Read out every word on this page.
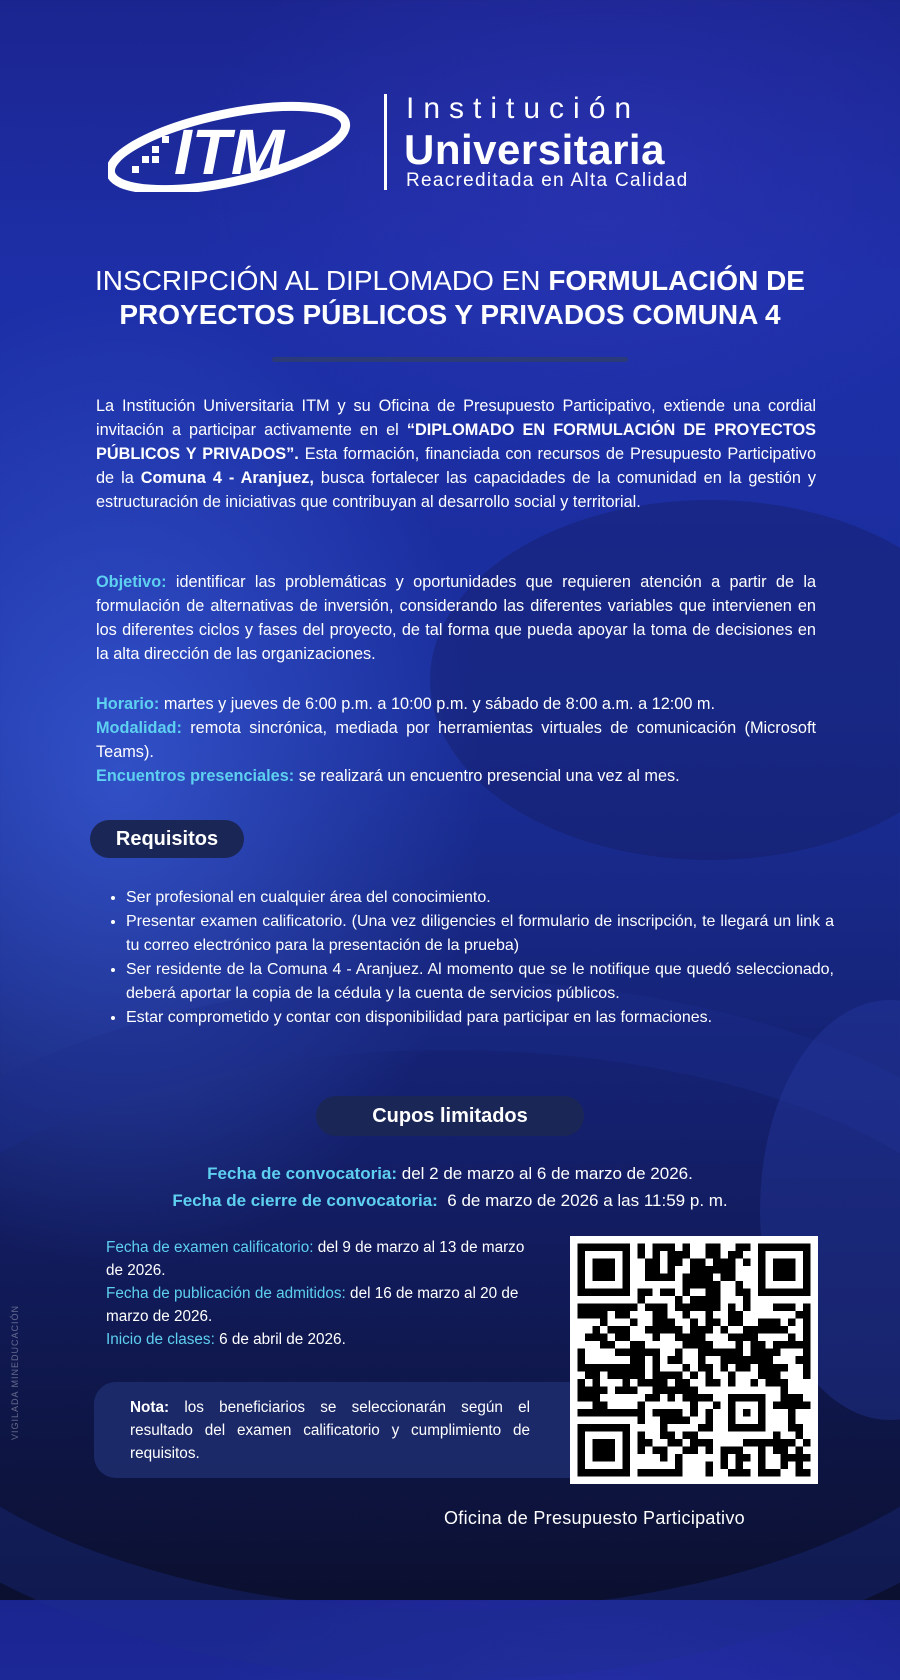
ITM
Institución
Universitaria
Reacreditada en Alta Calidad
INSCRIPCIÓN AL DIPLOMADO EN FORMULACIÓN DE PROYECTOS PÚBLICOS Y PRIVADOS COMUNA 4
La Institución Universitaria ITM y su Oficina de Presupuesto Participativo, extiende una cordial invitación a participar activamente en el “DIPLOMADO EN FORMULACIÓN DE PROYECTOS PÚBLICOS Y PRIVADOS”. Esta formación, financiada con recursos de Presupuesto Participativo de la Comuna 4 - Aranjuez, busca fortalecer las capacidades de la comunidad en la gestión y estructuración de iniciativas que contribuyan al desarrollo social y territorial.
Objetivo: identificar las problemáticas y oportunidades que requieren atención a partir de la formulación de alternativas de inversión, considerando las diferentes variables que intervienen en los diferentes ciclos y fases del proyecto, de tal forma que pueda apoyar la toma de decisiones en la alta dirección de las organizaciones.
Horario: martes y jueves de 6:00 p.m. a 10:00 p.m. y sábado de 8:00 a.m. a 12:00 m.
Modalidad: remota sincrónica, mediada por herramientas virtuales de comunicación (Microsoft Teams).
Encuentros presenciales: se realizará un encuentro presencial una vez al mes.
Requisitos
• Ser profesional en cualquier área del conocimiento.
• Presentar examen calificatorio. (Una vez diligencies el formulario de inscripción, te llegará un link a tu correo electrónico para la presentación de la prueba)
• Ser residente de la Comuna 4 - Aranjuez. Al momento que se le notifique que quedó seleccionado, deberá aportar la copia de la cédula y la cuenta de servicios públicos.
• Estar comprometido y contar con disponibilidad para participar en las formaciones.
Cupos limitados
Fecha de convocatoria: del 2 de marzo al 6 de marzo de 2026.
Fecha de cierre de convocatoria:  6 de marzo de 2026 a las 11:59 p. m.
Fecha de examen calificatorio: del 9 de marzo al 13 de marzo de 2026.
Fecha de publicación de admitidos: del 16 de marzo al 20 de marzo de 2026.
Inicio de clases: 6 de abril de 2026.
Nota: los beneficiarios se seleccionarán según el resultado del examen calificatorio y cumplimiento de requisitos.
Oficina de Presupuesto Participativo
VIGILADA MINEDUCACIÓN
